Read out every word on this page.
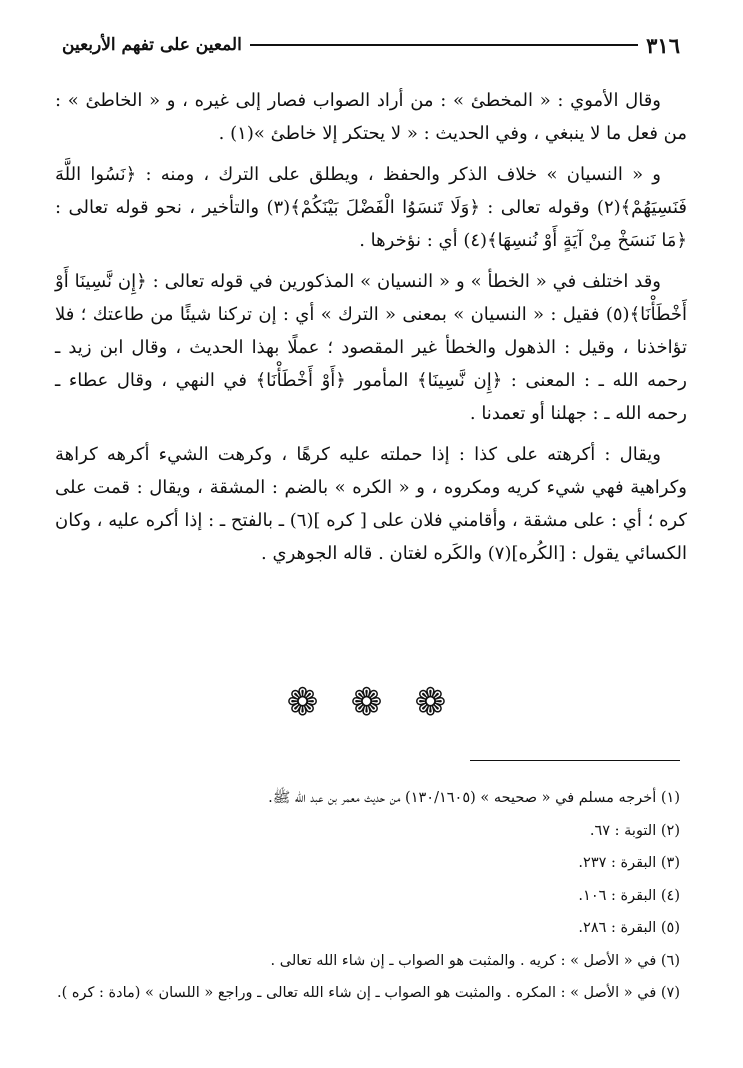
٣١٦
المعين على تفهم الأربعين

وقال الأموي : « المخطئ » : من أراد الصواب فصار إلى غيره ، و « الخاطئ » : من فعل ما لا ينبغي ، وفي الحديث : « لا يحتكر إلا خاطئ »(١) .

و « النسيان » خلاف الذكر والحفظ ، ويطلق على الترك ، ومنه : ﴿نَسُوا اللَّهَ فَنَسِيَهُمْ﴾(٢) وقوله تعالى : ﴿وَلَا تَنسَوُا الْفَضْلَ بَيْنَكُمْ﴾(٣) والتأخير ، نحو قوله تعالى : ﴿مَا نَنسَخْ مِنْ آيَةٍ أَوْ نُنسِهَا﴾(٤) أي : نؤخرها .

وقد اختلف في « الخطأ » و « النسيان » المذكورين في قوله تعالى : ﴿إِن نَّسِينَا أَوْ أَخْطَأْنَا﴾(٥) فقيل : « النسيان » بمعنى « الترك » أي : إن تركنا شيئًا من طاعتك ؛ فلا تؤاخذنا ، وقيل : الذهول والخطأ غير المقصود ؛ عملًا بهذا الحديث ، وقال ابن زيد ـ رحمه الله ـ : المعنى : ﴿إِن نَّسِينَا﴾ المأمور ﴿أَوْ أَخْطَأْنَا﴾ في النهي ، وقال عطاء ـ رحمه الله ـ : جهلنا أو تعمدنا .

ويقال : أكرهته على كذا : إذا حملته عليه كرهًا ، وكرهت الشيء أكرهه كراهة وكراهية فهي شيء كريه ومكروه ، و « الكره » بالضم : المشقة ، ويقال : قمت على كره ؛ أي : على مشقة ، وأقامني فلان على [ كره ](٦) ـ بالفتح ـ : إذا أكره عليه ، وكان الكسائي يقول : [الكُره](٧) والكَره لغتان . قاله الجوهري .

❁ ❁ ❁
(١) أخرجه مسلم في « صحيحه » (١٣٠/١٦٠٥) من حديث معمر بن عبد الله ﷺ.
(٢) التوبة : ٦٧.
(٣) البقرة : ٢٣٧.
(٤) البقرة : ١٠٦.
(٥) البقرة : ٢٨٦.
(٦) في « الأصل » : كريه . والمثبت هو الصواب ـ إن شاء الله تعالى .
(٧) في « الأصل » : المكره . والمثبت هو الصواب ـ إن شاء الله تعالى ـ وراجع « اللسان » (مادة : كره ).
